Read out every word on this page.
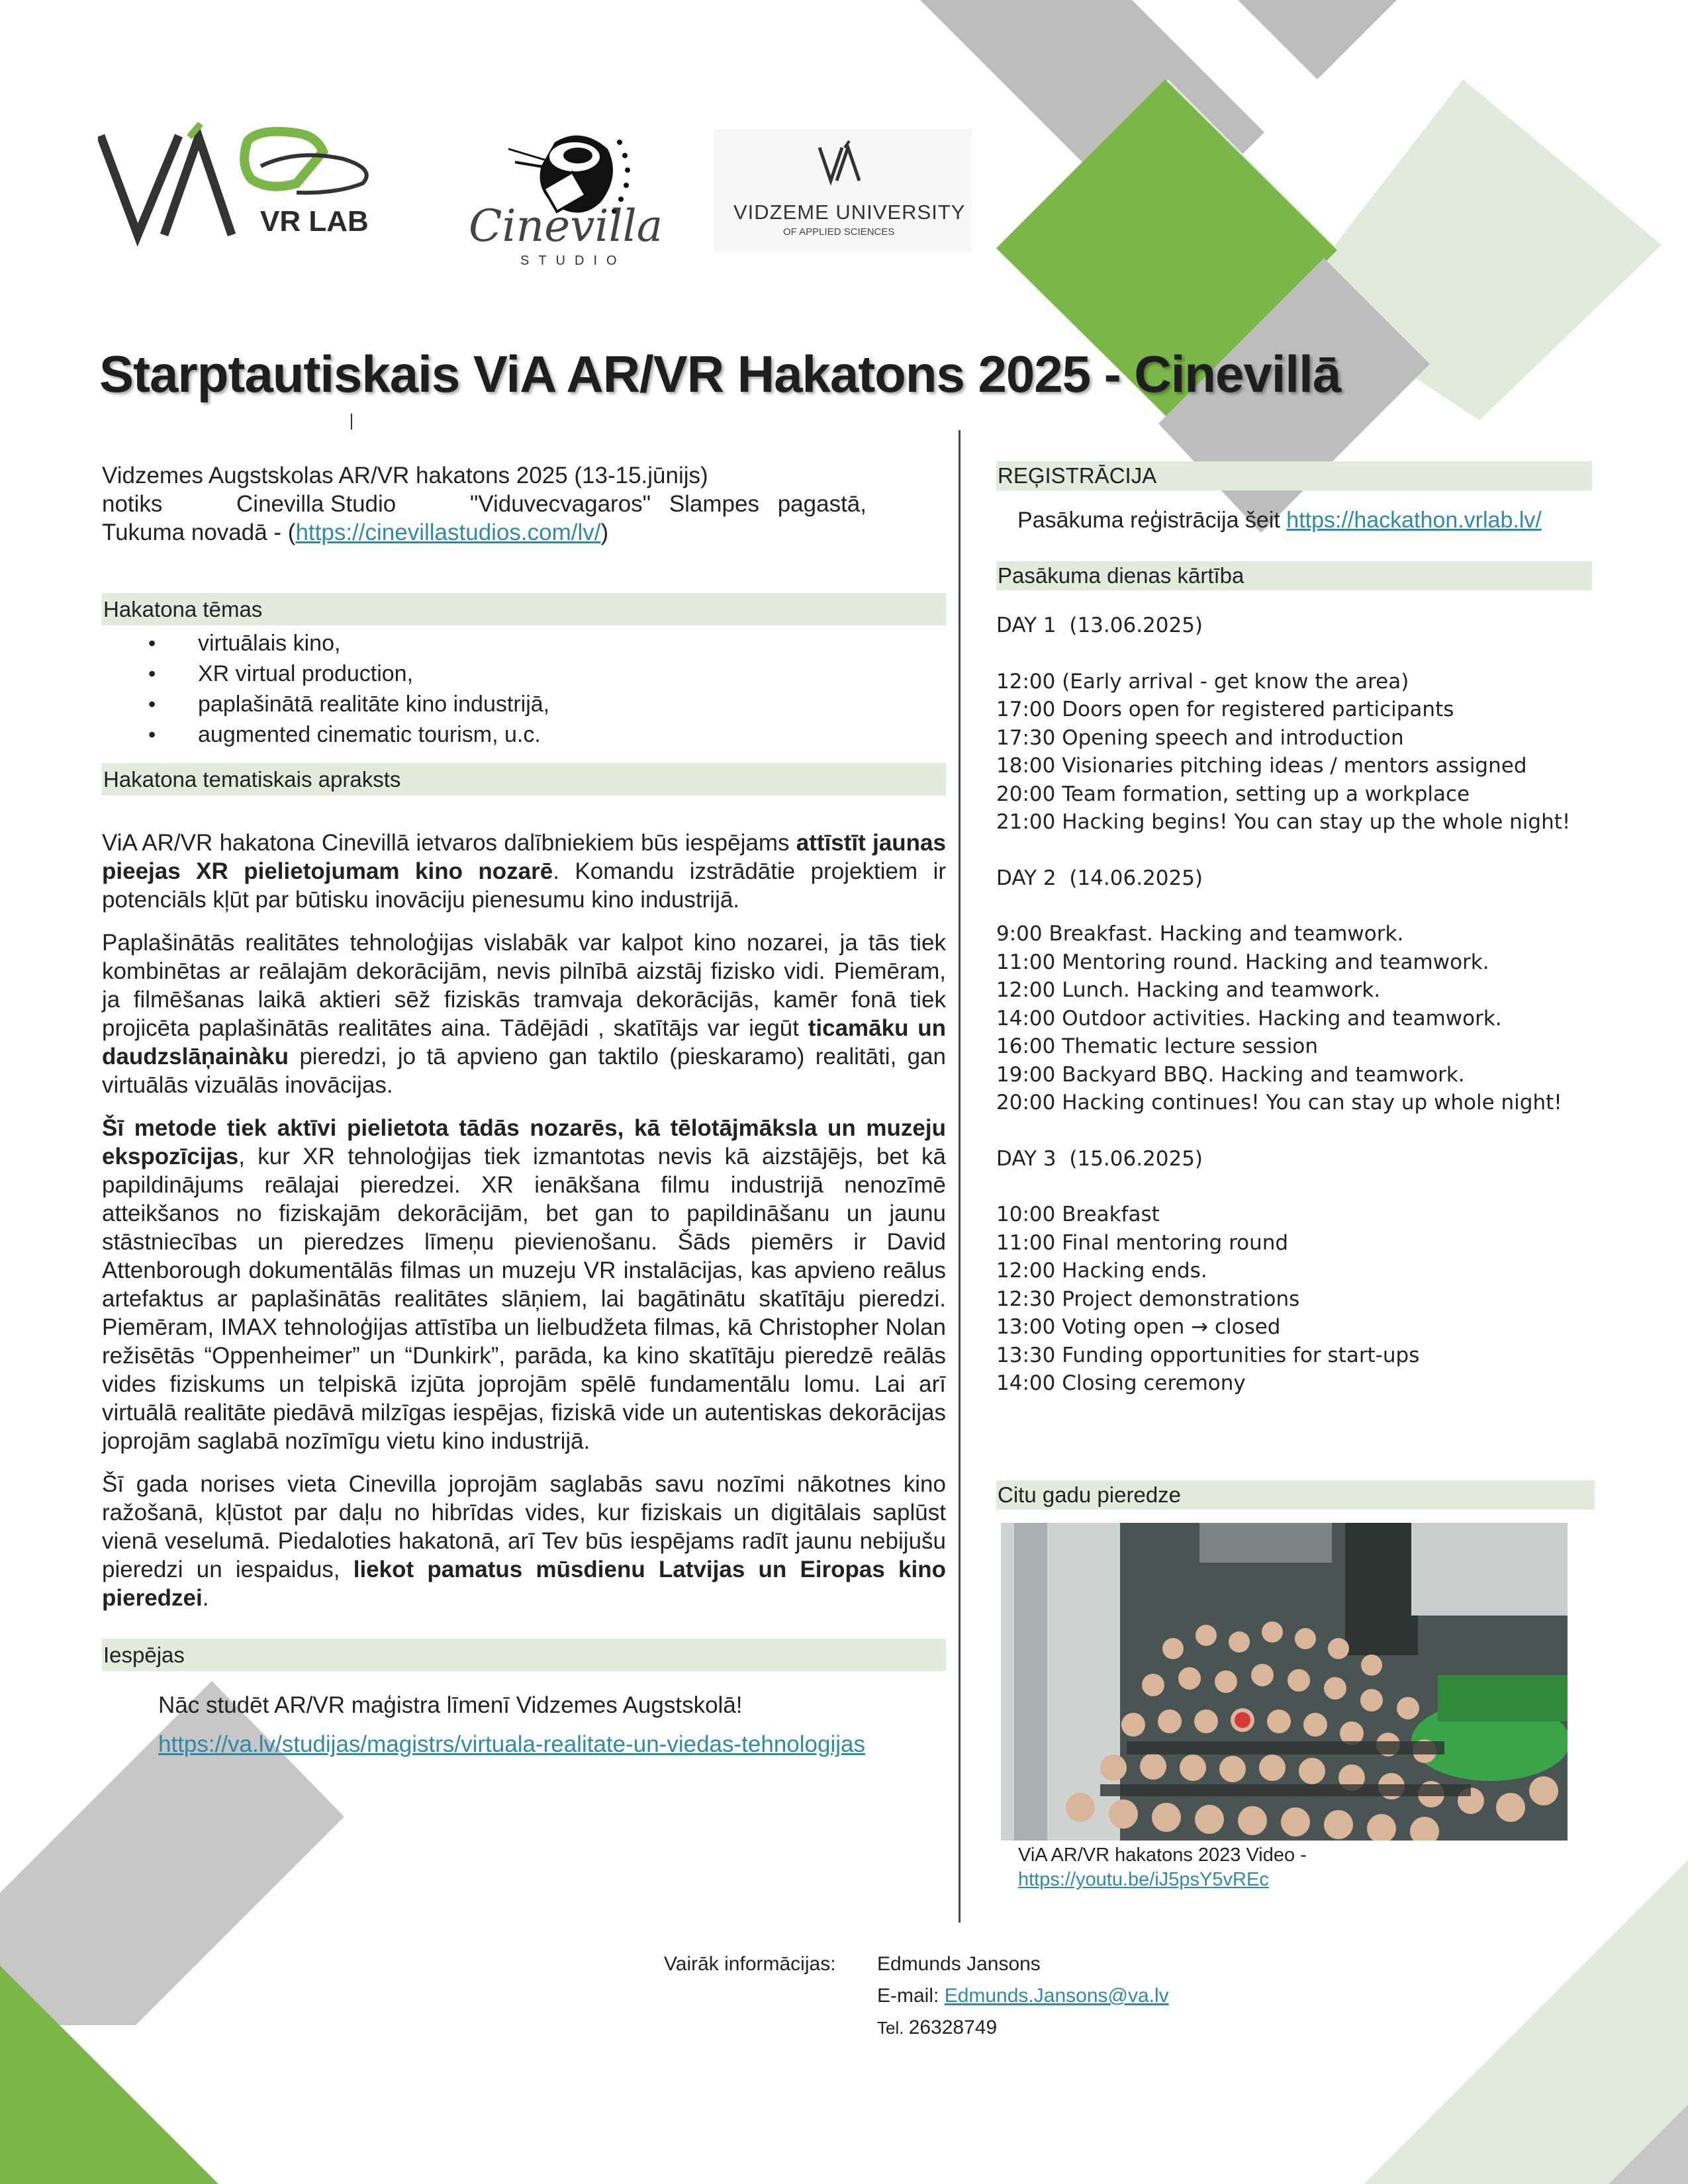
VR LAB Cinevilla
STUDIO
VIDZEME UNIVERSITY
OF APPLIED SCIENCES
Starptautiskais ViA AR/VR Hakatons 2025 - Cinevillā
Vidzemes Augstskolas AR/VR hakatons 2025 (13-15.jūnijs)
notiks	Cinevilla Studio	"Viduvecvagaros" Slampes pagastā,
Tukuma novadā - (https://cinevillastudios.com/lv/)
Hakatona tēmas
• virtuālais kino,
• XR virtual production,
• paplašinātā realitāte kino industrijā,
• augmented cinematic tourism, u.c.
Hakatona tematiskais apraksts

ViA AR/VR hakatona Cinevillā ietvaros dalībniekiem būs iespējams attīstīt jaunas pieejas XR pielietojumam kino nozarē. Komandu izstrādātie projektiem ir potenciāls kļūt par būtisku inovāciju pienesumu kino industrijā.

Paplašinātās realitātes tehnoloģijas vislabāk var kalpot kino nozarei, ja tās tiek kombinētas ar reālajām dekorācijām, nevis pilnībā aizstāj fizisko vidi. Piemēram, ja filmēšanas laikā aktieri sēž fiziskās tramvaja dekorācijās, kamēr fonā tiek projicēta paplašinātās realitātes aina. Tādējādi , skatītājs var iegūt ticamāku un daudzslāņainàku pieredzi, jo tā apvieno gan taktilo (pieskaramo) realitāti, gan virtuālās vizuālās inovācijas.

Šī metode tiek aktīvi pielietota tādās nozarēs, kā tēlotājmāksla un muzeju ekspozīcijas, kur XR tehnoloģijas tiek izmantotas nevis kā aizstājējs, bet kā papildinājums reālajai pieredzei. XR ienākšana filmu industrijā nenozīmē atteikšanos no fiziskajām dekorācijām, bet gan to papildināšanu un jaunu stāstniecības un pieredzes līmeņu pievienošanu. Šāds piemērs ir David Attenborough dokumentālās filmas un muzeju VR instalācijas, kas apvieno reālus artefaktus ar paplašinātās realitātes slāņiem, lai bagātinātu skatītāju pieredzi. Piemēram, IMAX tehnoloģijas attīstība un lielbudžeta filmas, kā Christopher Nolan režisētās “Oppenheimer” un “Dunkirk”, parāda, ka kino skatītāju pieredzē reālās vides fiziskums un telpiskā izjūta joprojām spēlē fundamentālu lomu. Lai arī virtuālā realitāte piedāvā milzīgas iespējas, fiziskā vide un autentiskas dekorācijas joprojām saglabā nozīmīgu vietu kino industrijā.

Šī gada norises vieta Cinevilla joprojām saglabās savu nozīmi nākotnes kino ražošanā, kļūstot par daļu no hibrīdas vides, kur fiziskais un digitālais saplūst vienā veselumā. Piedaloties hakatonā, arī Tev būs iespējams radīt jaunu nebijušu pieredzi un iespaidus, liekot pamatus mūsdienu Latvijas un Eiropas kino pieredzei.

Iespējas
Nāc studēt AR/VR maģistra līmenī Vidzemes Augstskolā!
https://va.lv/studijas/magistrs/virtuala-realitate-un-viedas-tehnologijas
REĢISTRĀCIJA
Pasākuma reģistrācija šeit https://hackathon.vrlab.lv/
Pasākuma dienas kārtība
DAY 1  (13.06.2025)
12:00 (Early arrival - get know the area)
17:00 Doors open for registered participants
17:30 Opening speech and introduction
18:00 Visionaries pitching ideas / mentors assigned
20:00 Team formation, setting up a workplace
21:00 Hacking begins! You can stay up the whole night!
DAY 2  (14.06.2025)
9:00 Breakfast. Hacking and teamwork.
11:00 Mentoring round. Hacking and teamwork.
12:00 Lunch. Hacking and teamwork.
14:00 Outdoor activities. Hacking and teamwork.
16:00 Thematic lecture session
19:00 Backyard BBQ. Hacking and teamwork.
20:00 Hacking continues! You can stay up whole night!
DAY 3  (15.06.2025)
10:00 Breakfast
11:00 Final mentoring round
12:00 Hacking ends.
12:30 Project demonstrations
13:00 Voting open → closed
13:30 Funding opportunities for start-ups
14:00 Closing ceremony
Citu gadu pieredze
ViA AR/VR hakatons 2023 Video -
https://youtu.be/iJ5psY5vREc
Vairāk informācijas: Edmunds Jansons
E-mail: Edmunds.Jansons@va.lv
Tel. 26328749
